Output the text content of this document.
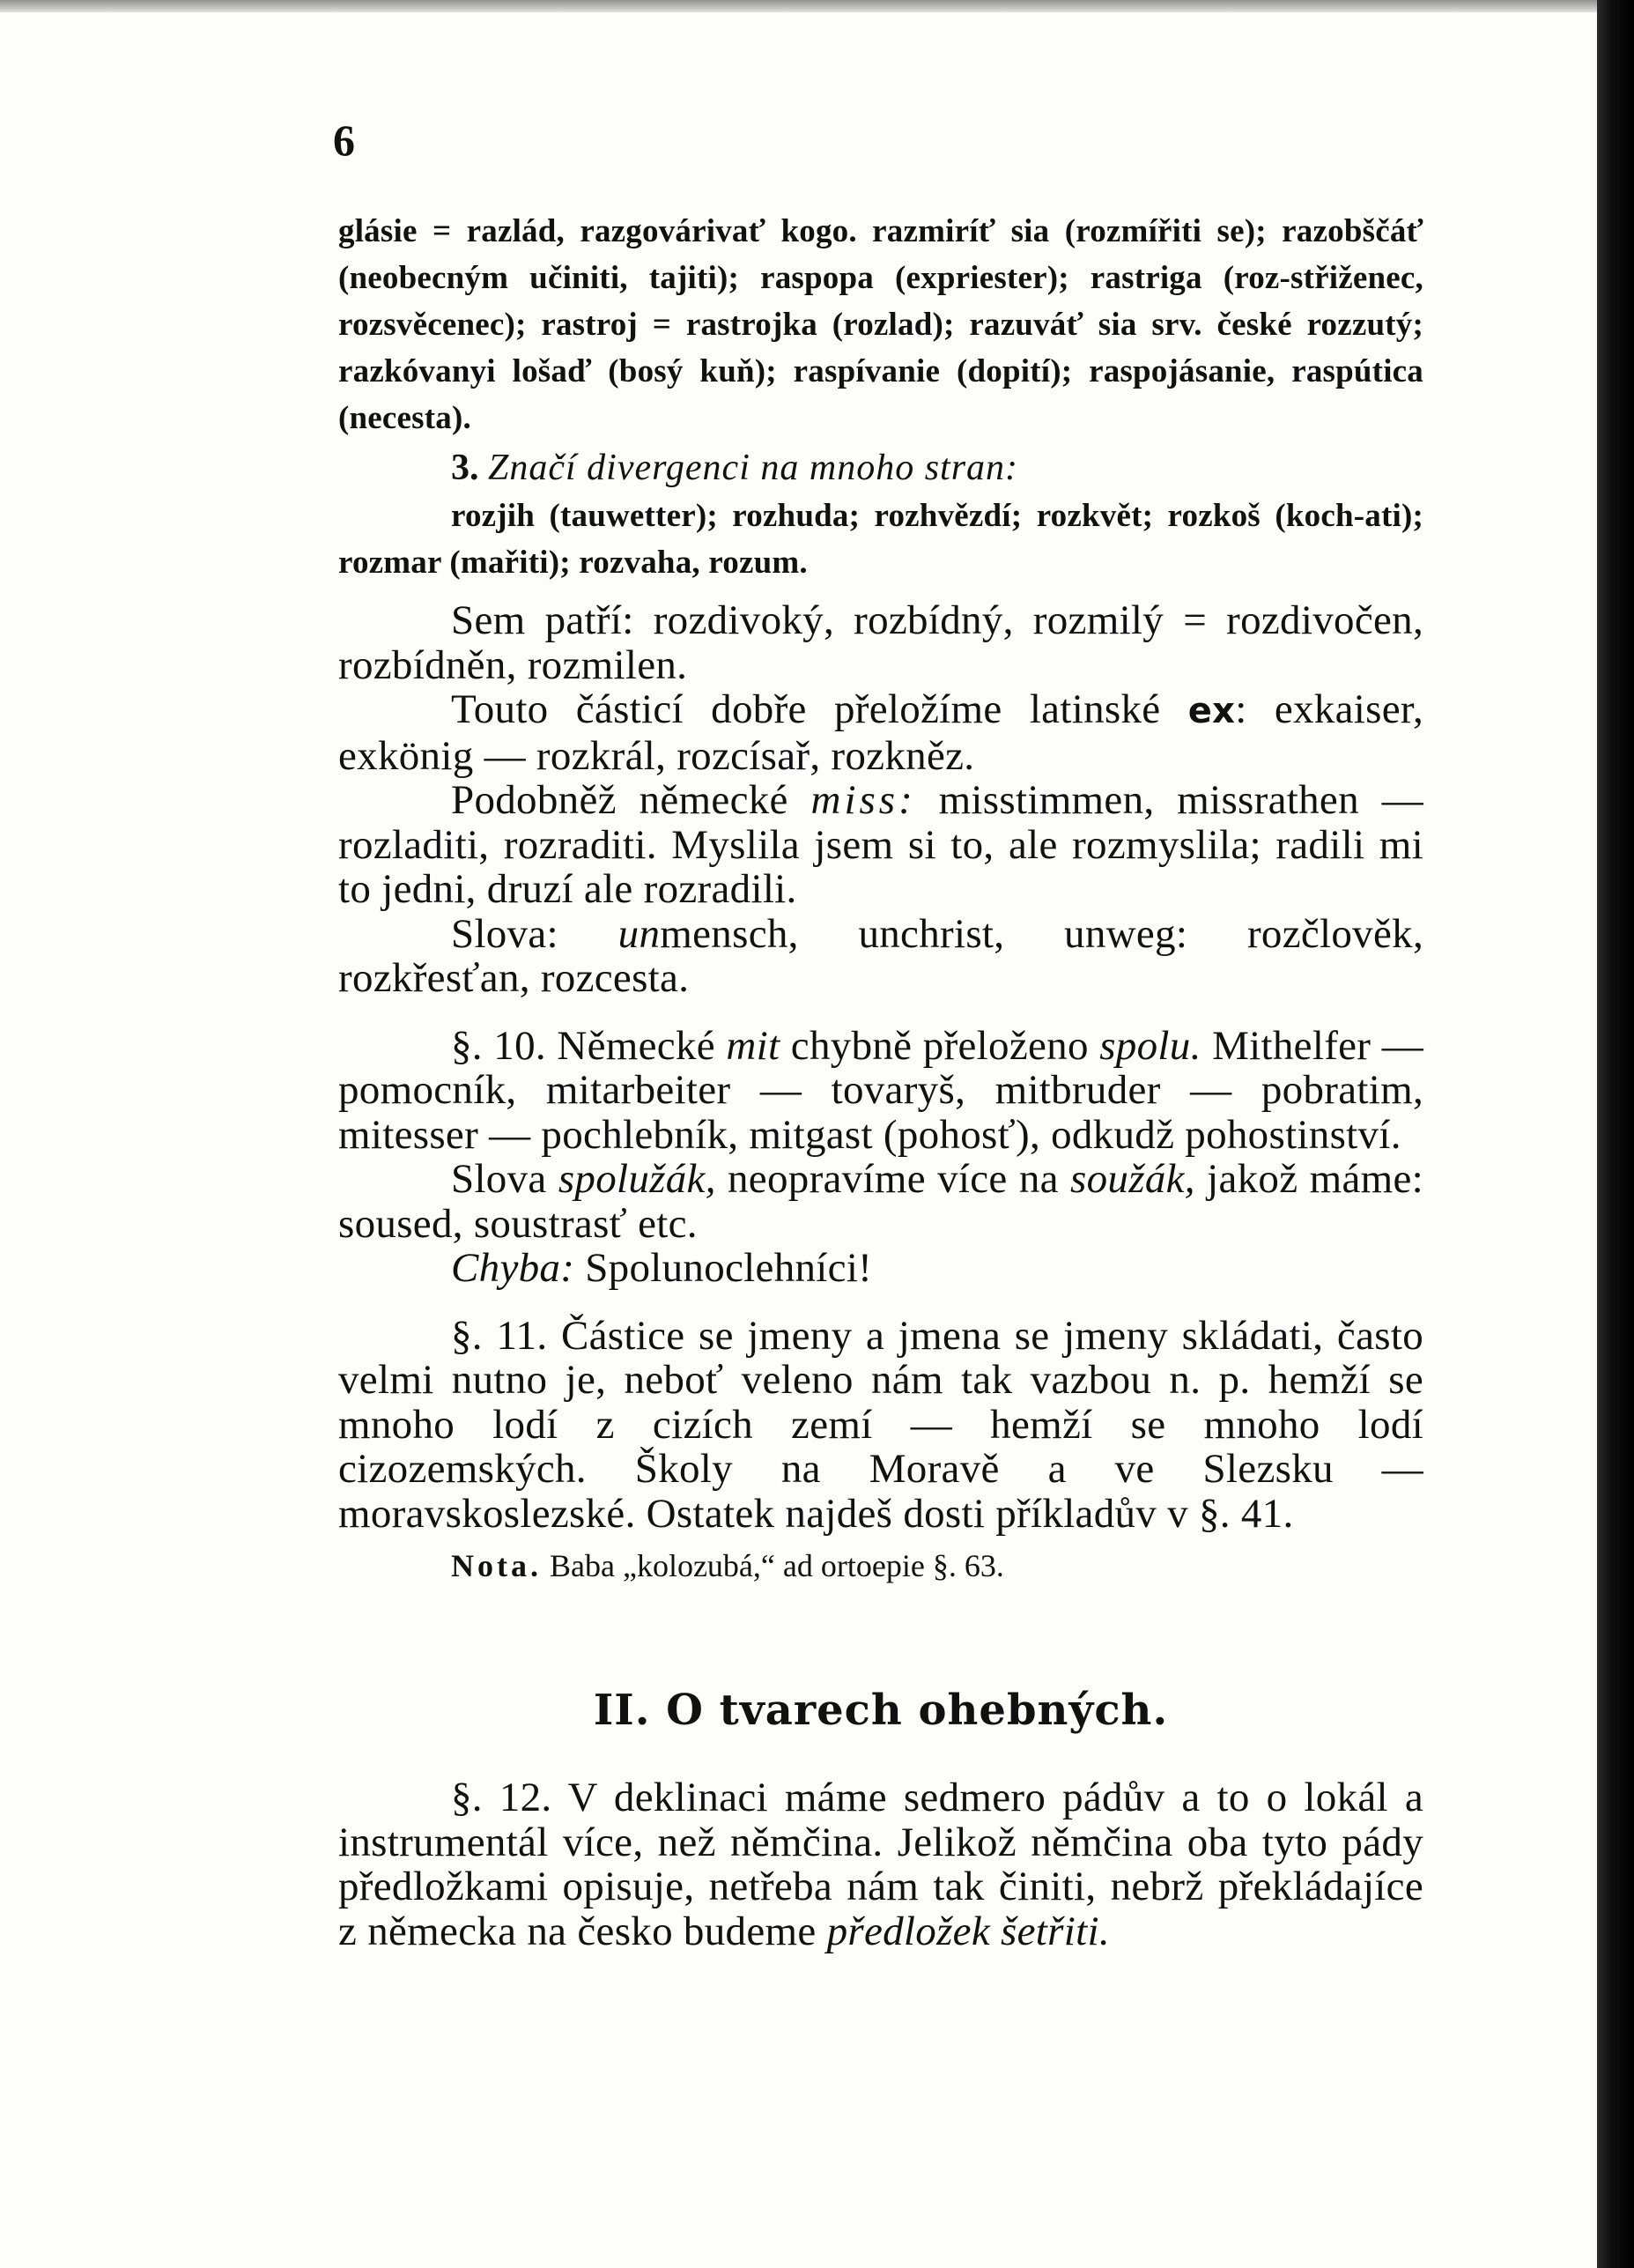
6

glásie = razlád, razgovárivať kogo. razmiríť sia (rozmířiti se); razobščáť (neobecným učiniti, tajiti); raspopa (expriester); rastriga (roz-střiženec, rozsvěcenec); rastroj = rastrojka (rozlad); razuváť sia srv. české rozzutý; razkóvanyi lošaď (bosý kuň); raspívanie (dopití); raspojásanie, raspútica (necesta).

3. Značí divergenci na mnoho stran:

rozjih (tauwetter); rozhuda; rozhvězdí; rozkvět; rozkoš (koch-ati); rozmar (mařiti); rozvaha, rozum.

Sem patří: rozdivoký, rozbídný, rozmilý = rozdivočen, rozbídněn, rozmilen.

Touto částicí dobře přeložíme latinské ex: exkaiser, exkönig — rozkrál, rozcísař, rozkněz.

Podobněž německé miss: misstimmen, missrathen — rozladiti, rozraditi. Myslila jsem si to, ale rozmyslila; radili mi to jedni, druzí ale rozradili.

Slova: unmensch, unchrist, unweg: rozčlověk, rozkřesťan, rozcesta.

§. 10. Německé mit chybně přeloženo spolu. Mithelfer — pomocník, mitarbeiter — tovaryš, mitbruder — pobratim, mitesser — pochlebník, mitgast (pohosť), odkudž pohostinství.

Slova spolužák, neopravíme více na soužák, jakož máme: soused, soustrasť etc.

Chyba: Spolunoclehníci!

§. 11. Částice se jmeny a jmena se jmeny skládati, často velmi nutno je, neboť veleno nám tak vazbou n. p. hemží se mnoho lodí z cizích zemí — hemží se mnoho lodí cizozemských. Školy na Moravě a ve Slezsku — moravskoslezské. Ostatek najdeš dosti příkladův v §. 41.

Nota. Baba „kolozubá,“ ad ortoepie §. 63.

II. O tvarech ohebných.

§. 12. V deklinaci máme sedmero pádův a to o lokál a instrumentál více, než němčina. Jelikož němčina oba tyto pády předložkami opisuje, netřeba nám tak činiti, nebrž překládajíce z německa na česko budeme předložek šetřiti.
